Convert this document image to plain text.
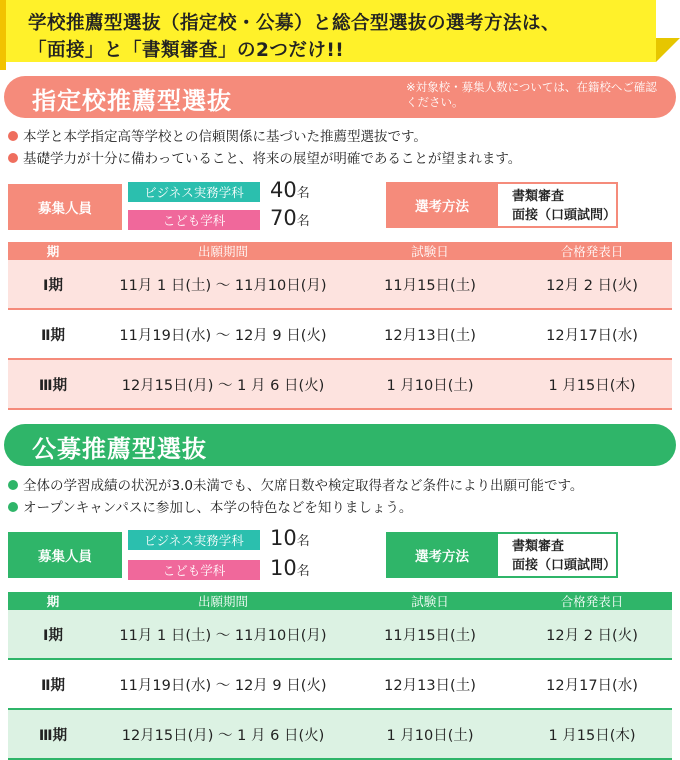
学校推薦型選抜（指定校・公募）と総合型選抜の選考方法は、
「面接」と「書類審査」の2つだけ!!
指定校推薦型選抜	※対象校・募集人数については、在籍校へご確認ください。
本学と本学指定高等学校との信頼関係に基づいた推薦型選抜です。
基礎学力が十分に備わっていること、将来の展望が明確であることが望まれます。
募集人員
ビジネス実務学科	40名
こども学科	70名
選考方法
書類審査
面接（口頭試問）
期	出願期間	試験日	合格発表日
Ⅰ期	11月 1 日(土) ～ 11月10日(月)	11月15日(土)	12月 2 日(火)
Ⅱ期	11月19日(水) ～ 12月 9 日(火)	12月13日(土)	12月17日(水)
Ⅲ期	12月15日(月) ～ 1 月 6 日(火)	1 月10日(土)	1 月15日(木)
公募推薦型選抜
全体の学習成績の状況が3.0未満でも、欠席日数や検定取得者など条件により出願可能です。
オープンキャンパスに参加し、本学の特色などを知りましょう。
募集人員
ビジネス実務学科	10名
こども学科	10名
選考方法
書類審査
面接（口頭試問）
期	出願期間	試験日	合格発表日
Ⅰ期	11月 1 日(土) ～ 11月10日(月)	11月15日(土)	12月 2 日(火)
Ⅱ期	11月19日(水) ～ 12月 9 日(火)	12月13日(土)	12月17日(水)
Ⅲ期	12月15日(月) ～ 1 月 6 日(火)	1 月10日(土)	1 月15日(木)
